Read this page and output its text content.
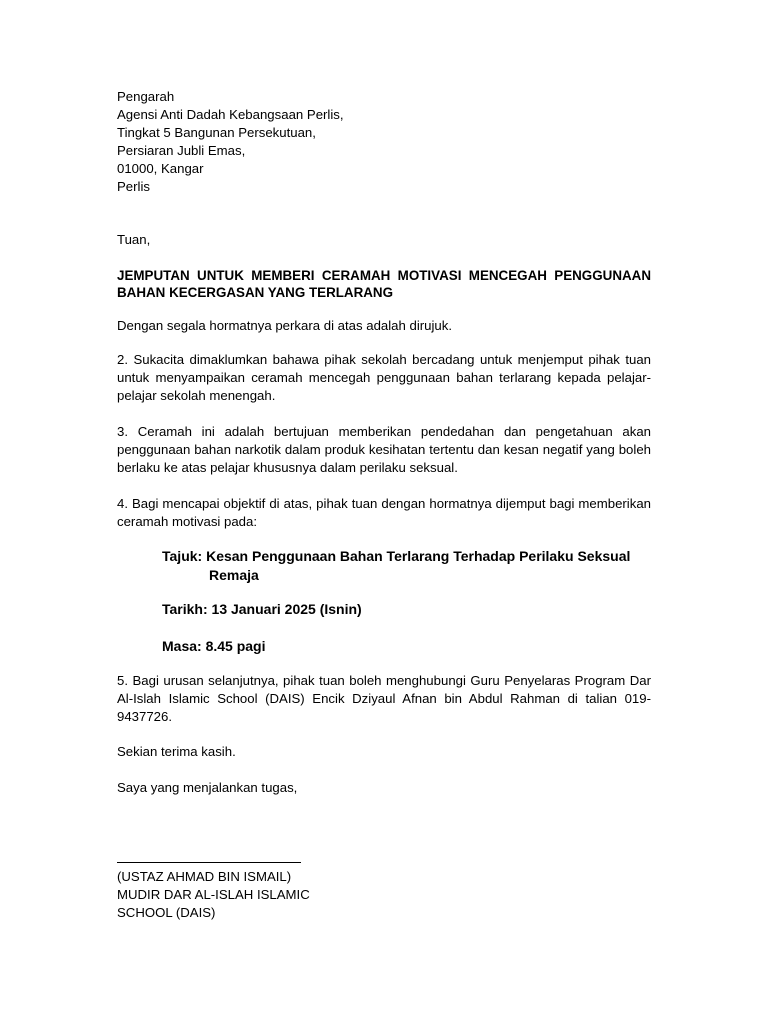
Pengarah
Agensi Anti Dadah Kebangsaan Perlis,
Tingkat 5 Bangunan Persekutuan,
Persiaran Jubli Emas,
01000, Kangar
Perlis
Tuan,
JEMPUTAN UNTUK MEMBERI CERAMAH MOTIVASI MENCEGAH PENGGUNAAN BAHAN KECERGASAN YANG TERLARANG
Dengan segala hormatnya perkara di atas adalah dirujuk.
2. Sukacita dimaklumkan bahawa pihak sekolah bercadang untuk menjemput pihak tuan untuk menyampaikan ceramah mencegah penggunaan bahan terlarang kepada pelajar-pelajar sekolah menengah.
3. Ceramah ini adalah bertujuan memberikan pendedahan dan pengetahuan akan penggunaan bahan narkotik dalam produk kesihatan tertentu dan kesan negatif yang boleh berlaku ke atas pelajar khususnya dalam perilaku seksual.
4. Bagi mencapai objektif di atas, pihak tuan dengan hormatnya dijemput bagi memberikan ceramah motivasi pada:
Tajuk: Kesan Penggunaan Bahan Terlarang Terhadap Perilaku Seksual
Remaja
Tarikh: 13 Januari 2025 (Isnin)
Masa: 8.45 pagi
5. Bagi urusan selanjutnya, pihak tuan boleh menghubungi Guru Penyelaras Program Dar Al-Islah Islamic School (DAIS) Encik Dziyaul Afnan bin Abdul Rahman di talian 019-9437726.
Sekian terima kasih.
Saya yang menjalankan tugas,
(USTAZ AHMAD BIN ISMAIL)
MUDIR DAR AL-ISLAH ISLAMIC
SCHOOL (DAIS)
